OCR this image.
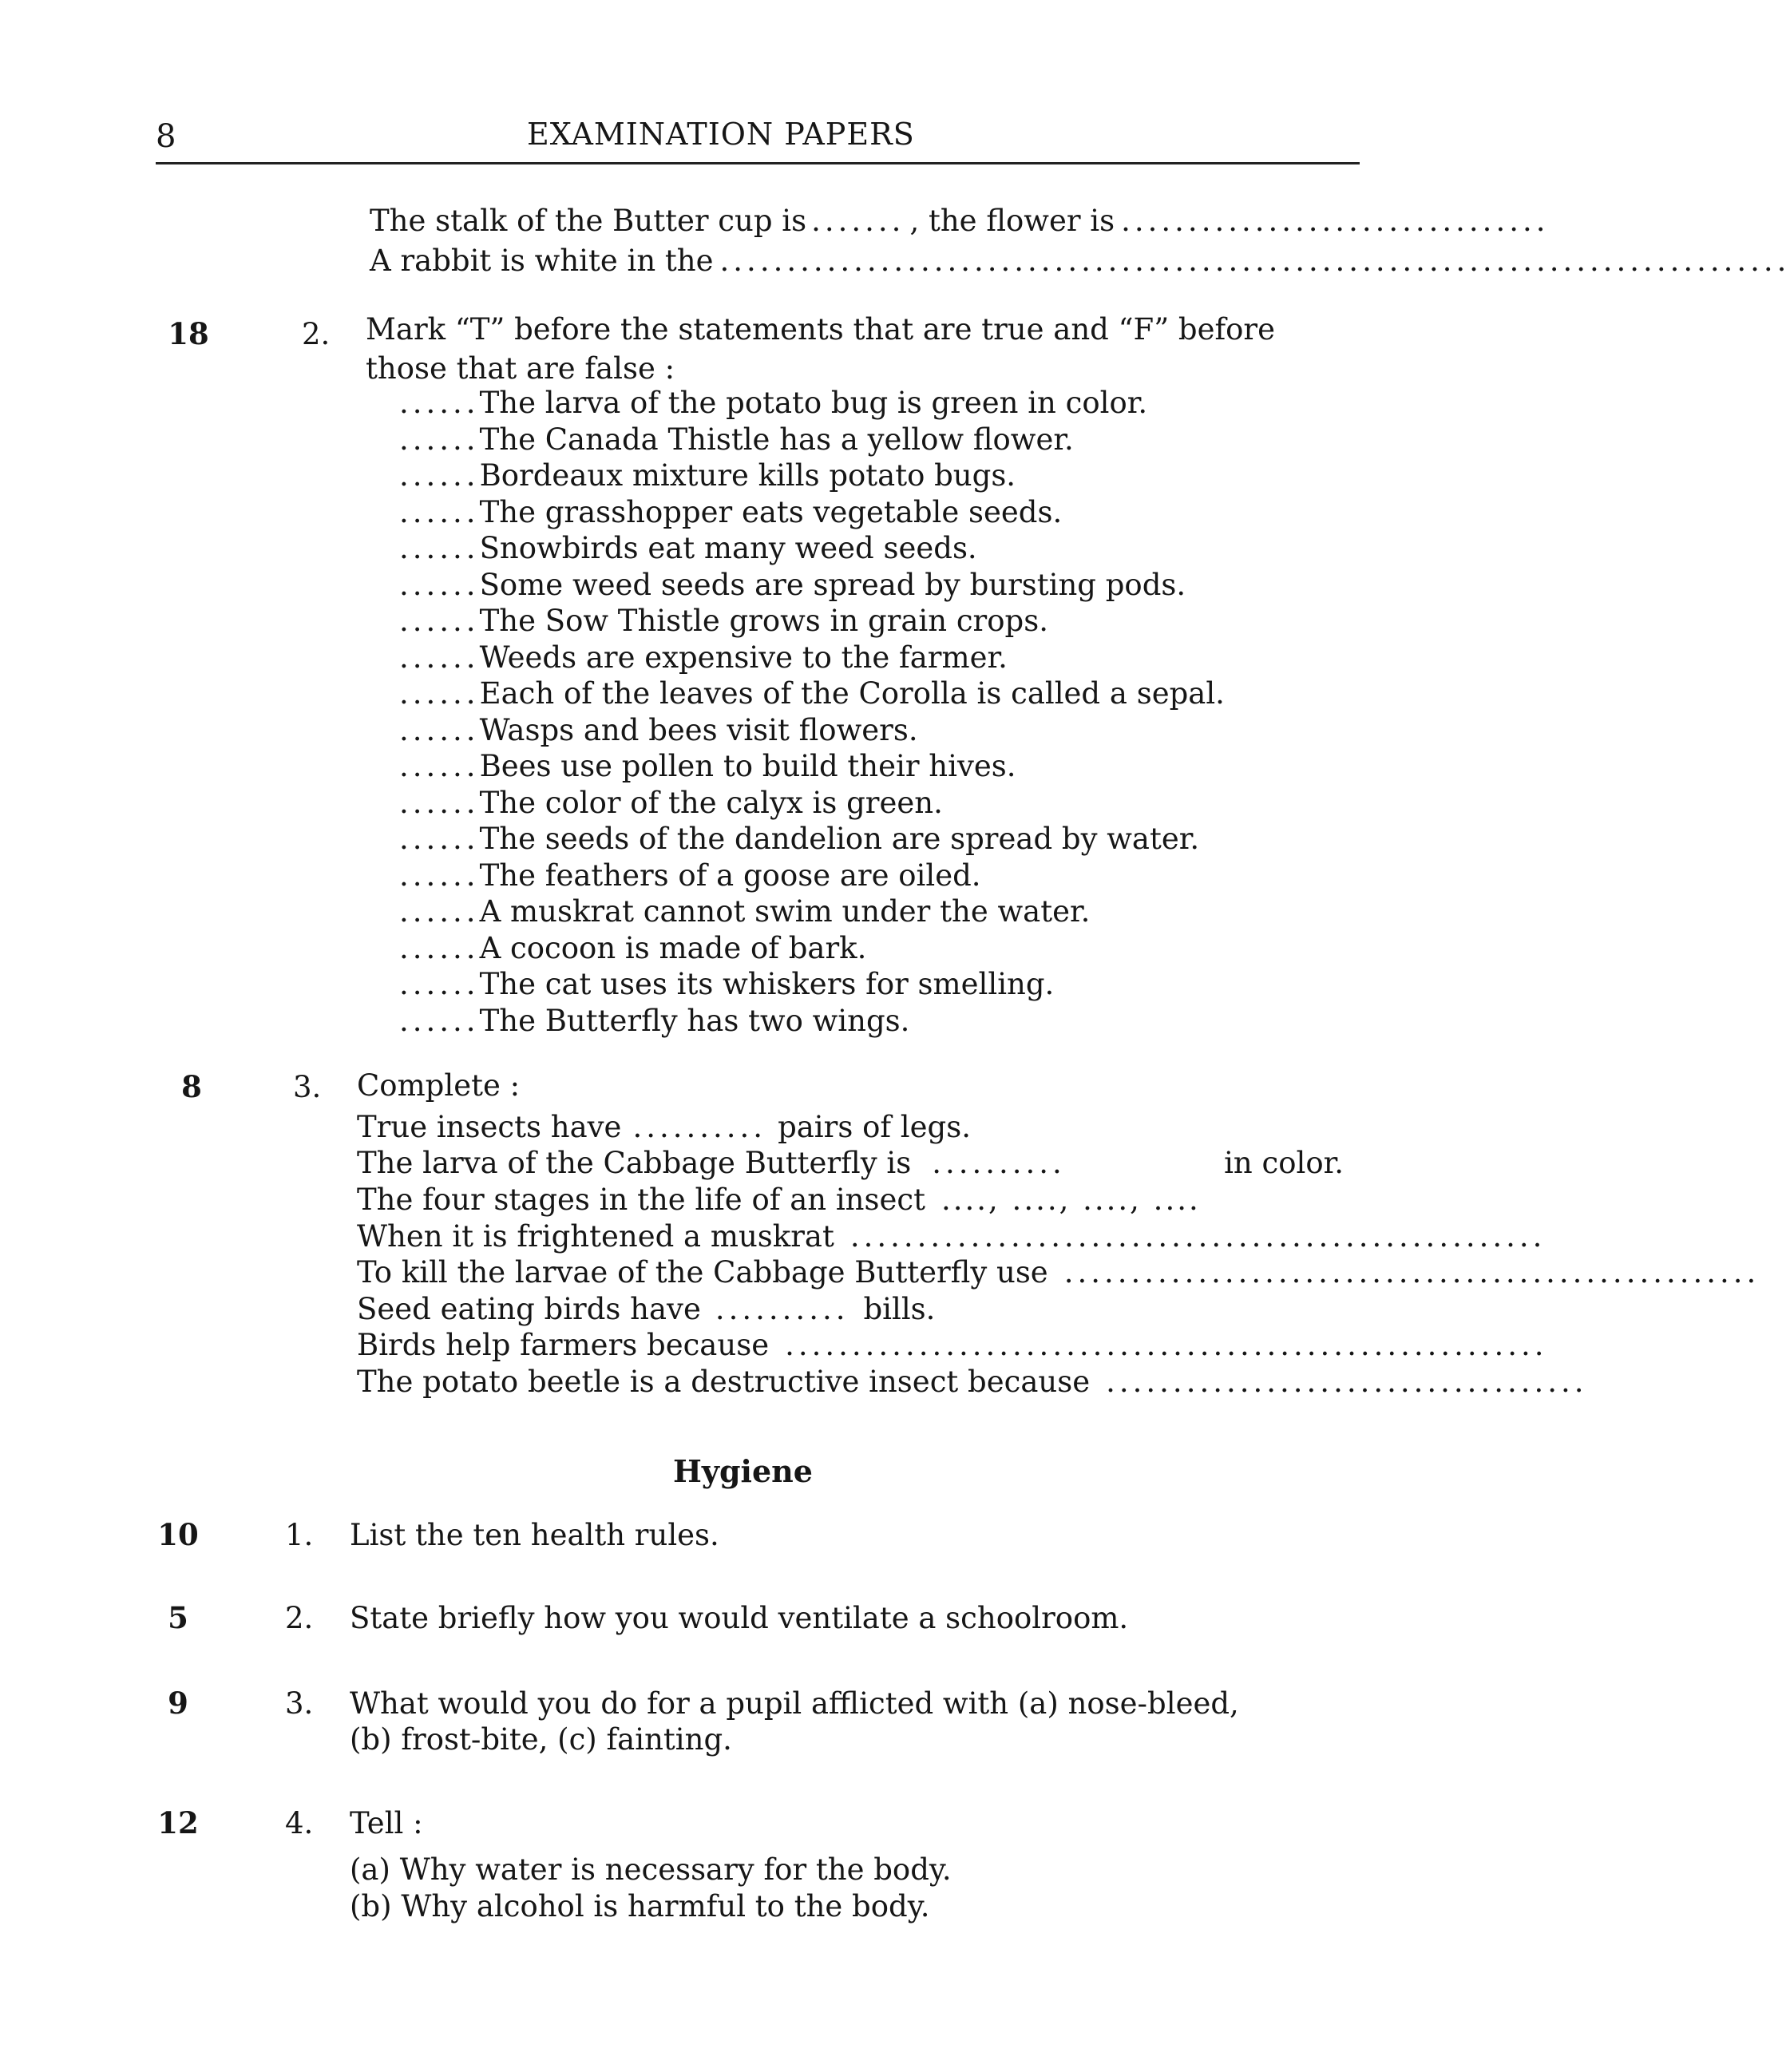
8	EXAMINATION PAPERS
The stalk of the Butter cup is ....... , the flower is ................................
A rabbit is white in the ................................................................................
18	2. Mark “T” before the statements that are true and “F” before
those that are false :
......The larva of the potato bug is green in color.
......The Canada Thistle has a yellow flower.
......Bordeaux mixture kills potato bugs.
......The grasshopper eats vegetable seeds.
......Snowbirds eat many weed seeds.
......Some weed seeds are spread by bursting pods.
......The Sow Thistle grows in grain crops.
......Weeds are expensive to the farmer.
......Each of the leaves of the Corolla is called a sepal.
......Wasps and bees visit flowers.
......Bees use pollen to build their hives.
......The color of the calyx is green.
......The seeds of the dandelion are spread by water.
......The feathers of a goose are oiled.
......A muskrat cannot swim under the water.
......A cocoon is made of bark.
......The cat uses its whiskers for smelling.
......The Butterfly has two wings.
8	3. Complete :
True insects have .......... pairs of legs.
The larva of the Cabbage Butterfly is ..........	in color.
The four stages in the life of an insect ...., ...., ...., ....
When it is frightened a muskrat ....................................................
To kill the larvae of the Cabbage Butterfly use ....................................................
Seed eating birds have .......... bills.
Birds help farmers because .........................................................
The potato beetle is a destructive insect because ....................................
Hygiene
10	1. List the ten health rules.
5	2. State briefly how you would ventilate a schoolroom.
9	3. What would you do for a pupil afflicted with (a) nose-bleed,
(b) frost-bite, (c) fainting.
12	4. Tell :
(a) Why water is necessary for the body.
(b) Why alcohol is harmful to the body.
